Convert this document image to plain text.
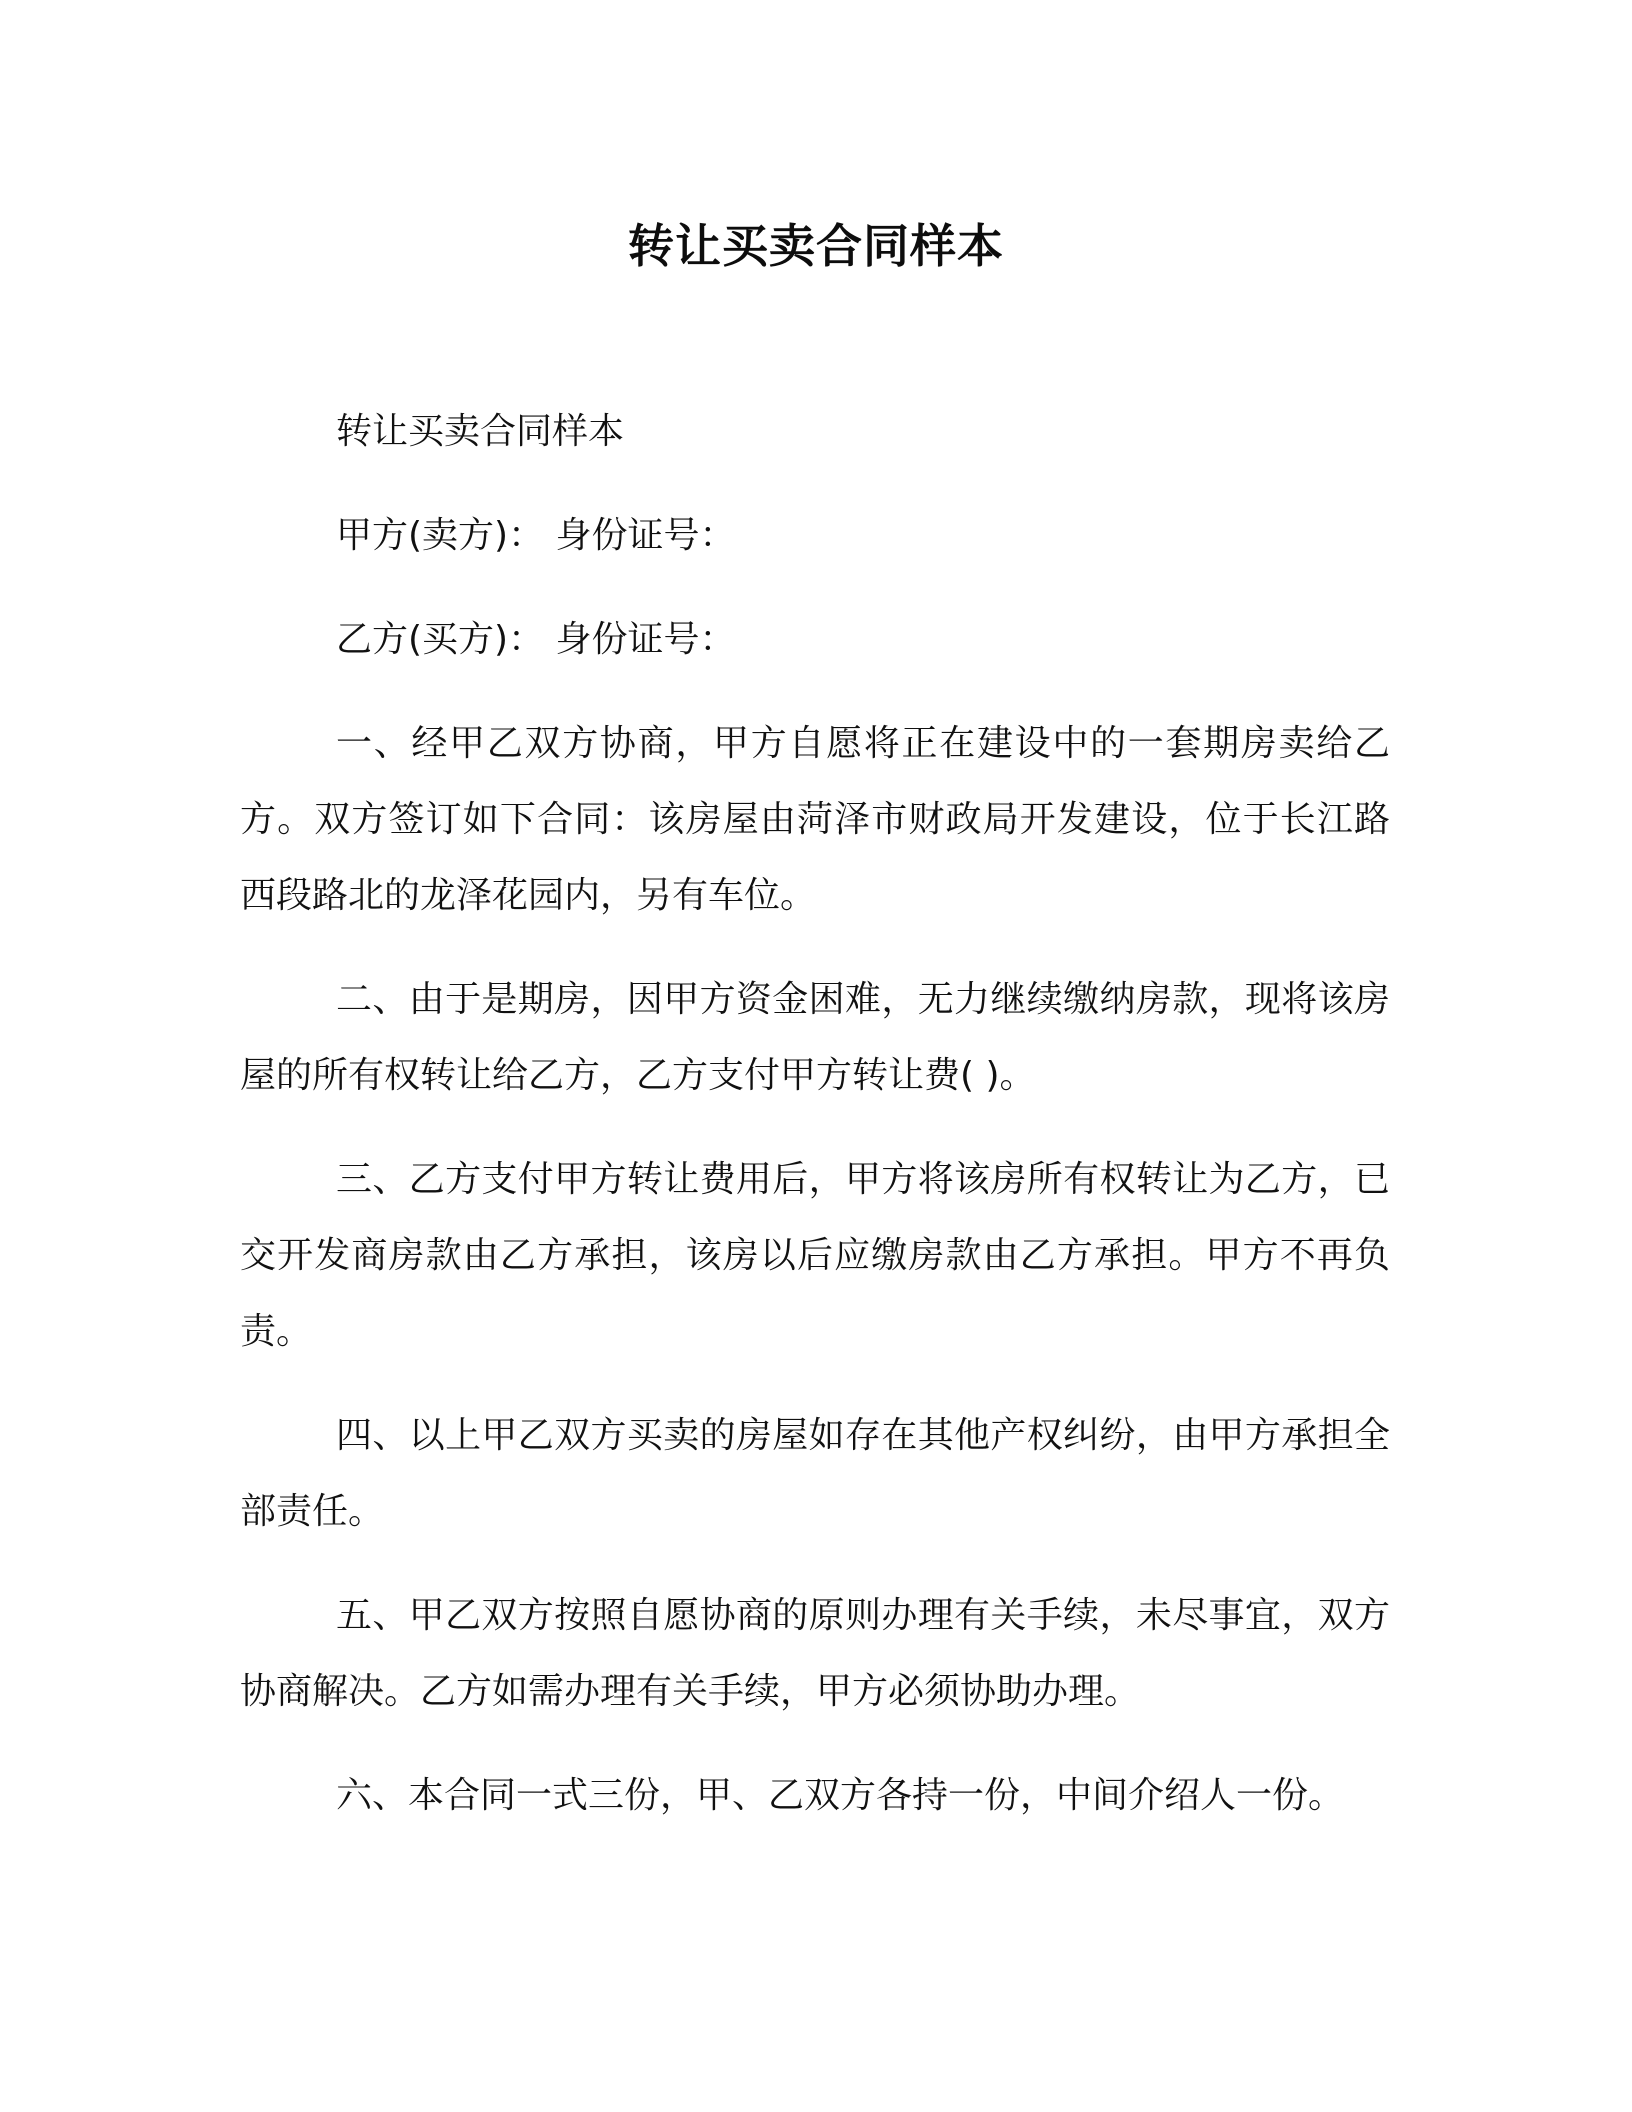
转让买卖合同样本

转让买卖合同样本

甲方(卖方)： 身份证号：

乙方(买方)： 身份证号：

一、经甲乙双方协商，甲方自愿将正在建设中的一套期房卖给乙方。双方签订如下合同：该房屋由菏泽市财政局开发建设，位于长江路西段路北的龙泽花园内，另有车位。

二、由于是期房，因甲方资金困难，无力继续缴纳房款，现将该房屋的所有权转让给乙方，乙方支付甲方转让费( )。

三、乙方支付甲方转让费用后，甲方将该房所有权转让为乙方，已交开发商房款由乙方承担，该房以后应缴房款由乙方承担。甲方不再负责。

四、以上甲乙双方买卖的房屋如存在其他产权纠纷，由甲方承担全部责任。

五、甲乙双方按照自愿协商的原则办理有关手续，未尽事宜，双方协商解决。乙方如需办理有关手续，甲方必须协助办理。

六、本合同一式三份，甲、乙双方各持一份，中间介绍人一份。
